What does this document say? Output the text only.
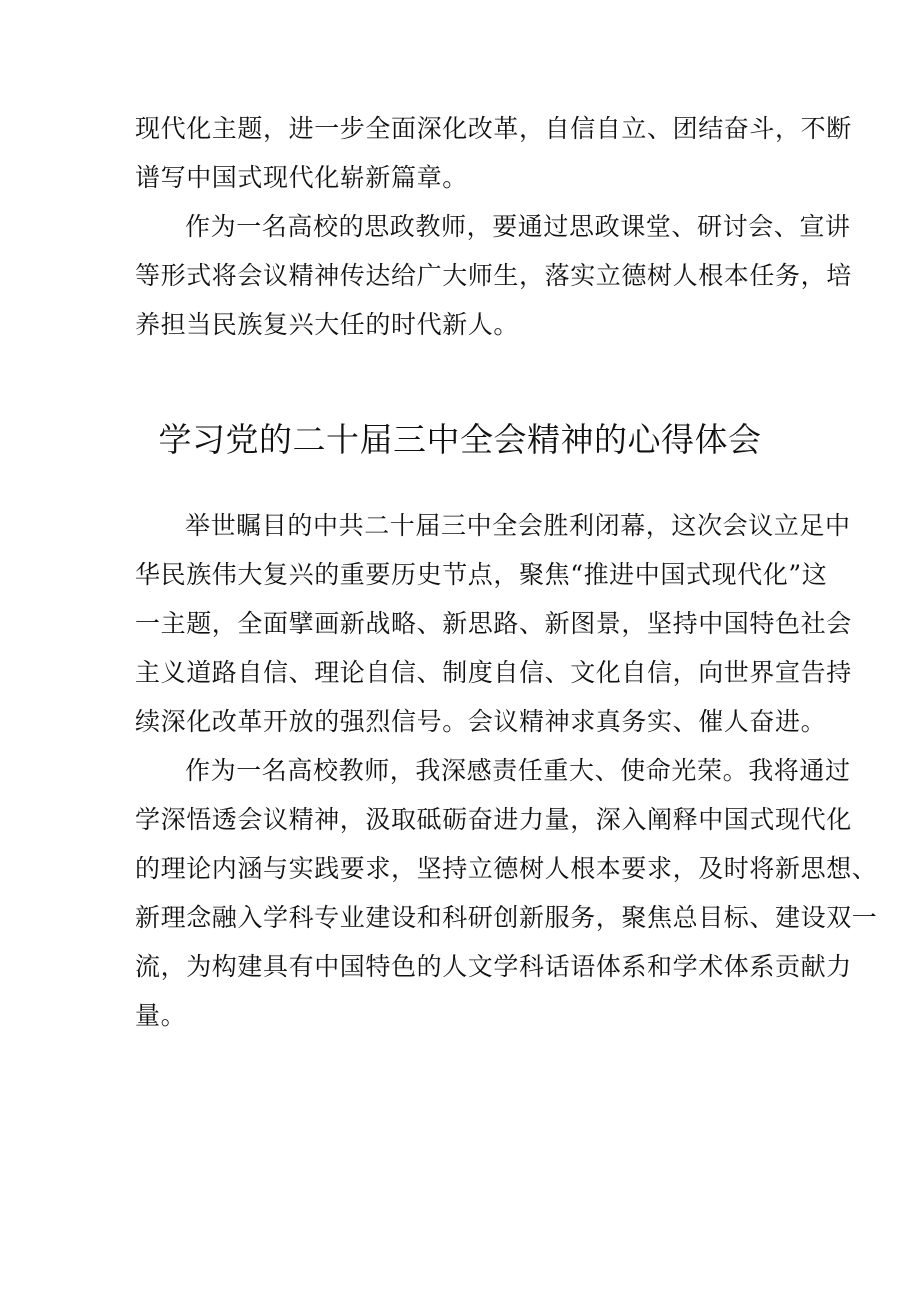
现代化主题，进一步全面深化改革，自信自立、团结奋斗，不断
谱写中国式现代化崭新篇章。
作为一名高校的思政教师，要通过思政课堂、研讨会、宣讲
等形式将会议精神传达给广大师生，落实立德树人根本任务，培
养担当民族复兴大任的时代新人。
学习党的二十届三中全会精神的心得体会
举世瞩目的中共二十届三中全会胜利闭幕，这次会议立足中
华民族伟大复兴的重要历史节点，聚焦“推进中国式现代化”这
一主题，全面擘画新战略、新思路、新图景，坚持中国特色社会
主义道路自信、理论自信、制度自信、文化自信，向世界宣告持
续深化改革开放的强烈信号。会议精神求真务实、催人奋进。
作为一名高校教师，我深感责任重大、使命光荣。我将通过
学深悟透会议精神，汲取砥砺奋进力量，深入阐释中国式现代化
的理论内涵与实践要求，坚持立德树人根本要求，及时将新思想、
新理念融入学科专业建设和科研创新服务，聚焦总目标、建设双一
流，为构建具有中国特色的人文学科话语体系和学术体系贡献力
量。
